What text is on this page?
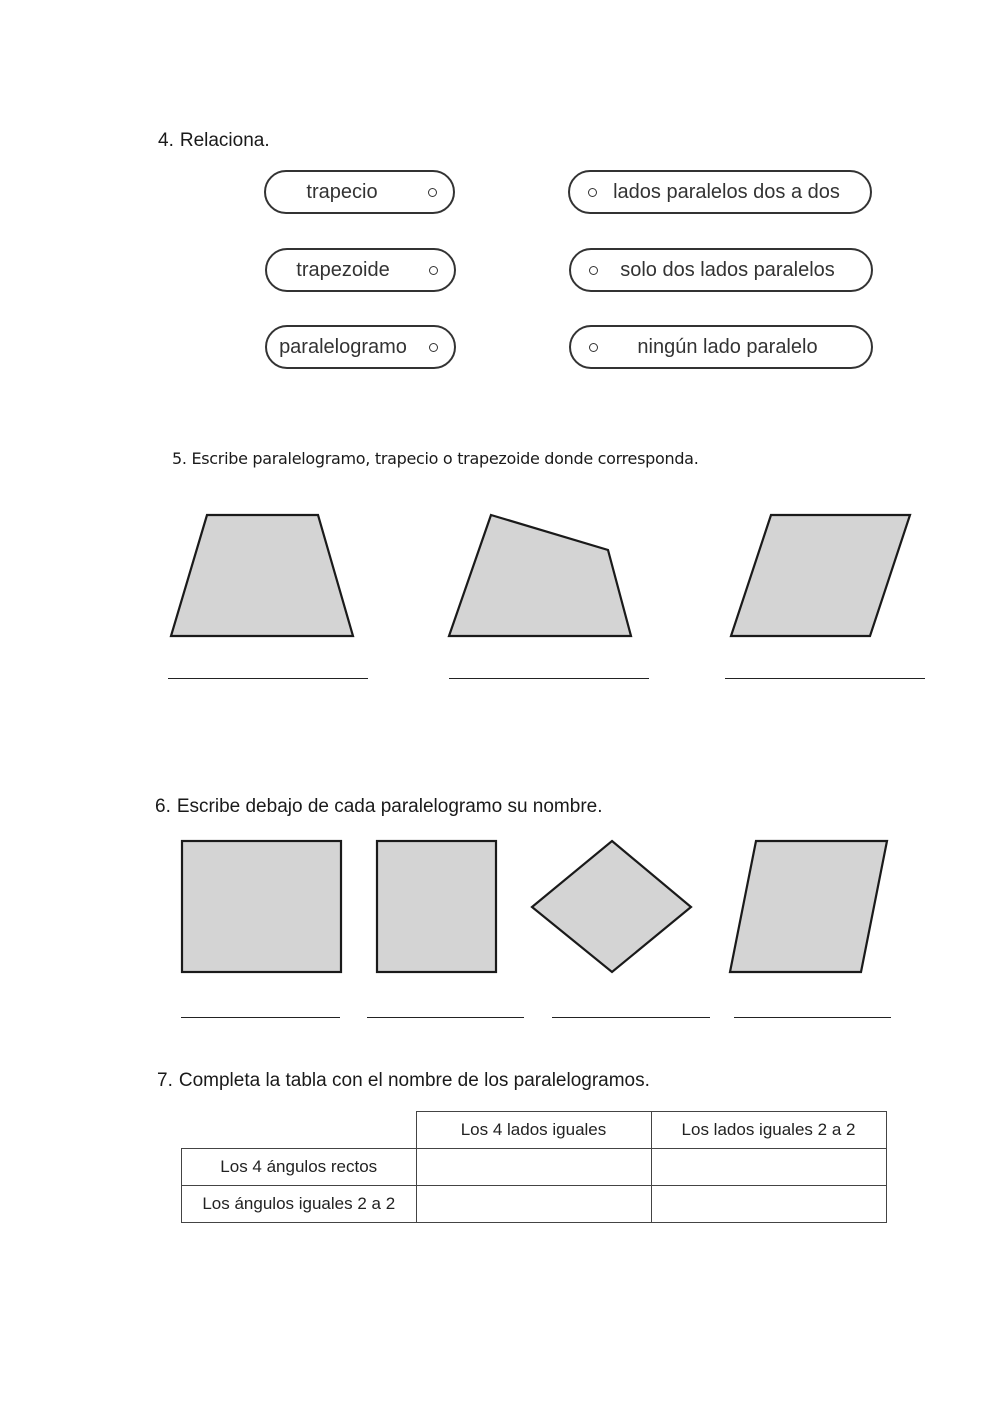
4. Relaciona.
trapecio
trapezoide
paralelogramo
lados paralelos dos a dos
solo dos lados paralelos
ningún lado paralelo
5. Escribe paralelogramo, trapecio o trapezoide donde corresponda.
6. Escribe debajo de cada paralelogramo su nombre.
7. Completa la tabla con el nombre de los paralelogramos.
	Los 4 lados iguales	Los lados iguales 2 a 2
Los 4 ángulos rectos		
Los ángulos iguales 2 a 2		
